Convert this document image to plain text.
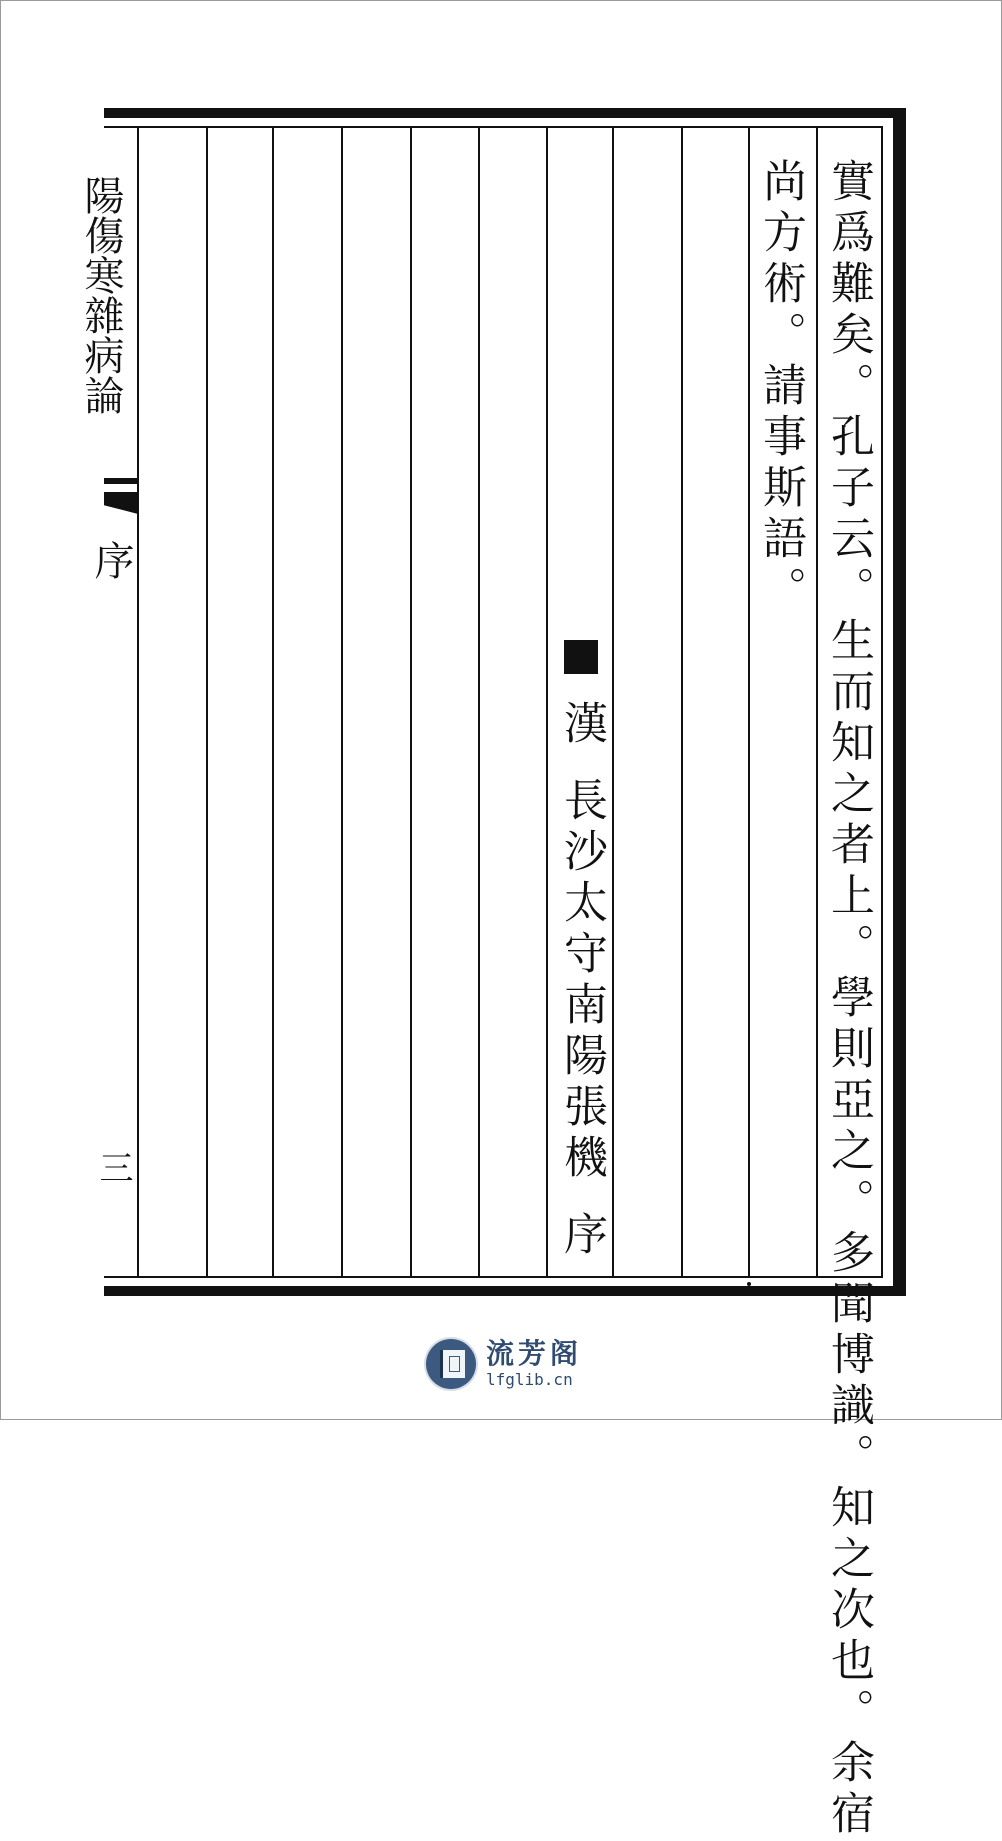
陽傷寒雜病論
序
三	實爲難矣。孔子云。生而知之者上。學則亞之。多聞博識。知之次也。余宿
尚方術。請事斯語。
漢長沙太守南陽張機序
流芳阁
lfglib.cn
